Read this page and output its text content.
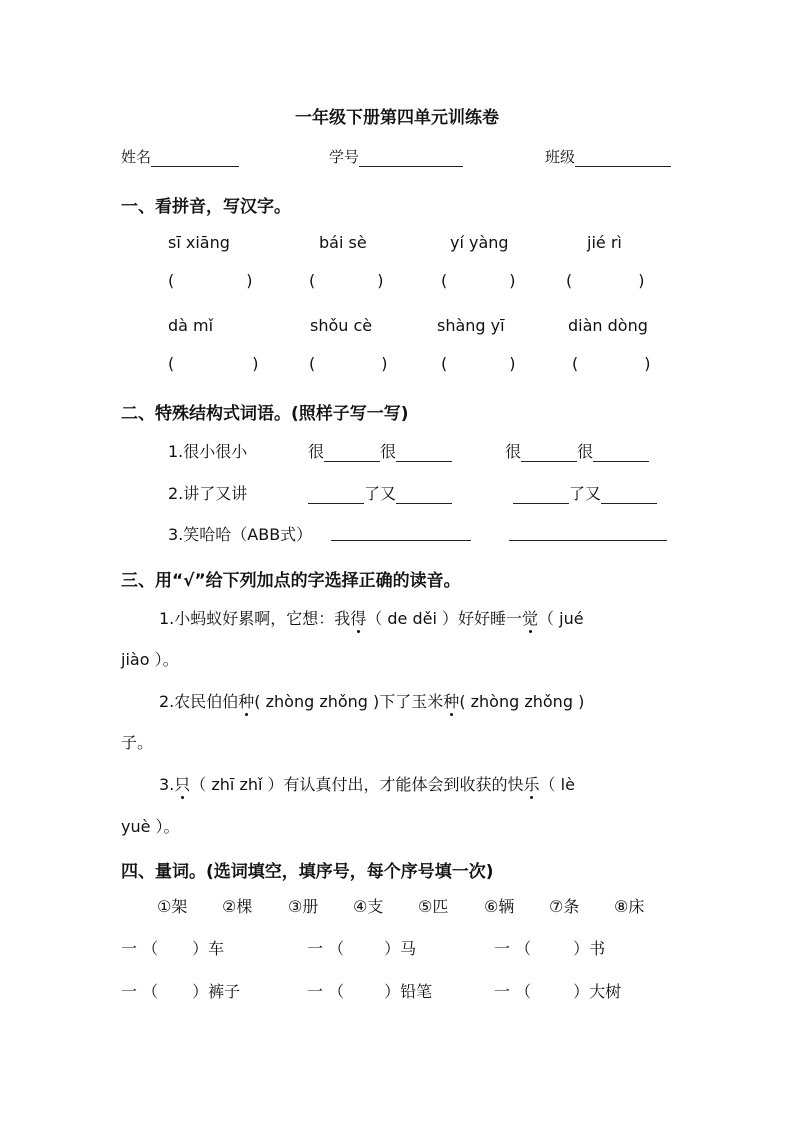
一年级下册第四单元训练卷
姓名	学号	班级
一、看拼音，写汉字。
sī xiāng	bái sè	yí yàng	jié rì
(	)	(	)	(	)	(	)
dà mǐ	shǒu cè	shàng yī	diàn dòng
(	)	(	)	(	)	(	)
二、特殊结构式词语。(照样子写一写)
1.很小很小	很	很	很	很
2.讲了又讲	了又	了又
3.笑哈哈（ABB式）
三、用“√”给下列加点的字选择正确的读音。
1.小蚂蚁好累啊，它想：我得（ de děi ）好好睡一觉（ jué
jiào ）。
2.农民伯伯种( zhòng zhǒng )下了玉米种( zhòng zhǒng )
子。
3.只（ zhī zhǐ ）有认真付出，才能体会到收获的快乐（ lè
yuè ）。
四、量词。(选词填空，填序号，每个序号填一次)
①架 ②棵 ③册 ④支 ⑤匹 ⑥辆 ⑦条 ⑧床
一 （ ）车	一 （	）马	一 （	）书
一 （ ）裤子	一 （	）铅笔	一 （	）大树
